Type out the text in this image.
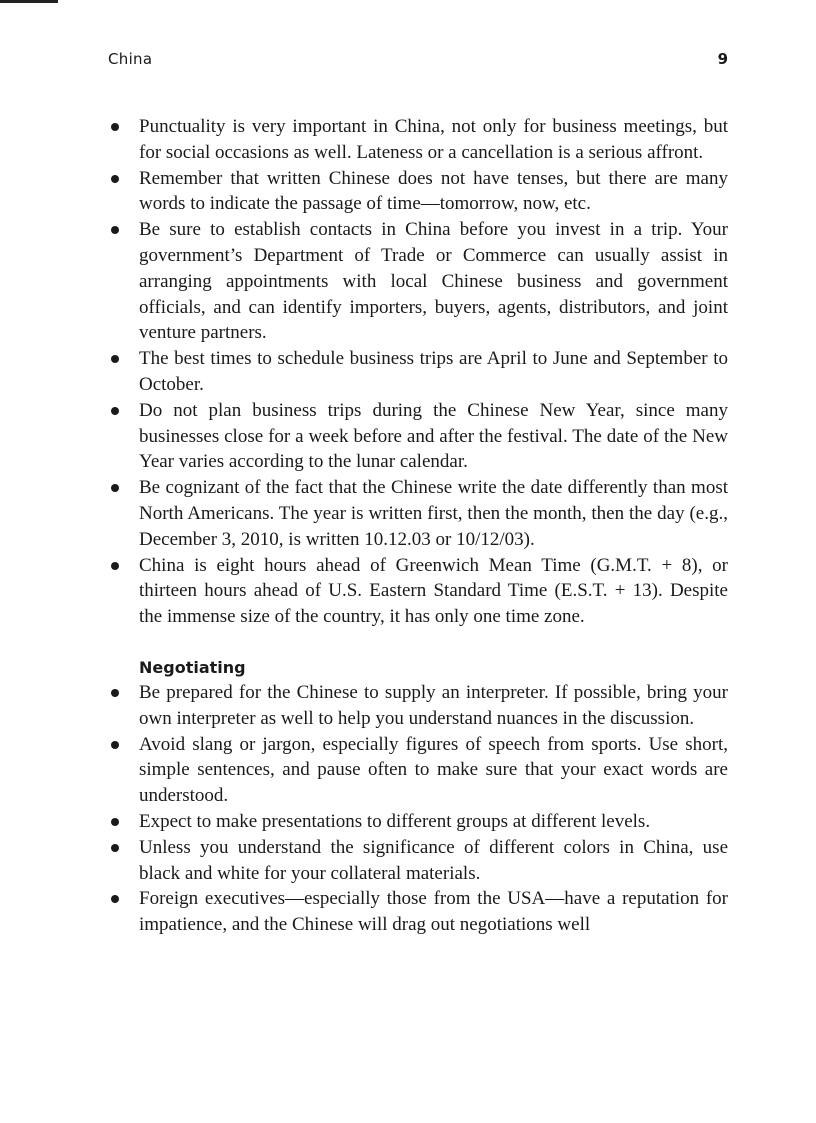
China	9
Punctuality is very important in China, not only for business meetings, but for social occasions as well. Lateness or a cancellation is a serious affront.
Remember that written Chinese does not have tenses, but there are many words to indicate the passage of time—tomorrow, now, etc.
Be sure to establish contacts in China before you invest in a trip. Your government’s Department of Trade or Commerce can usually assist in arranging appointments with local Chinese business and government officials, and can identify importers, buyers, agents, distributors, and joint venture partners.
The best times to schedule business trips are April to June and September to October.
Do not plan business trips during the Chinese New Year, since many businesses close for a week before and after the festival. The date of the New Year varies according to the lunar calendar.
Be cognizant of the fact that the Chinese write the date differently than most North Americans. The year is written first, then the month, then the day (e.g., December 3, 2010, is written 10.12.03 or 10/12/03).
China is eight hours ahead of Greenwich Mean Time (G.M.T. + 8), or thirteen hours ahead of U.S. Eastern Standard Time (E.S.T. + 13). Despite the immense size of the country, it has only one time zone.
Negotiating
Be prepared for the Chinese to supply an interpreter. If possible, bring your own interpreter as well to help you understand nuances in the discussion.
Avoid slang or jargon, especially figures of speech from sports. Use short, simple sentences, and pause often to make sure that your exact words are understood.
Expect to make presentations to different groups at different levels.
Unless you understand the significance of different colors in China, use black and white for your collateral materials.
Foreign executives—especially those from the USA—have a reputation for impatience, and the Chinese will drag out negotiations well
